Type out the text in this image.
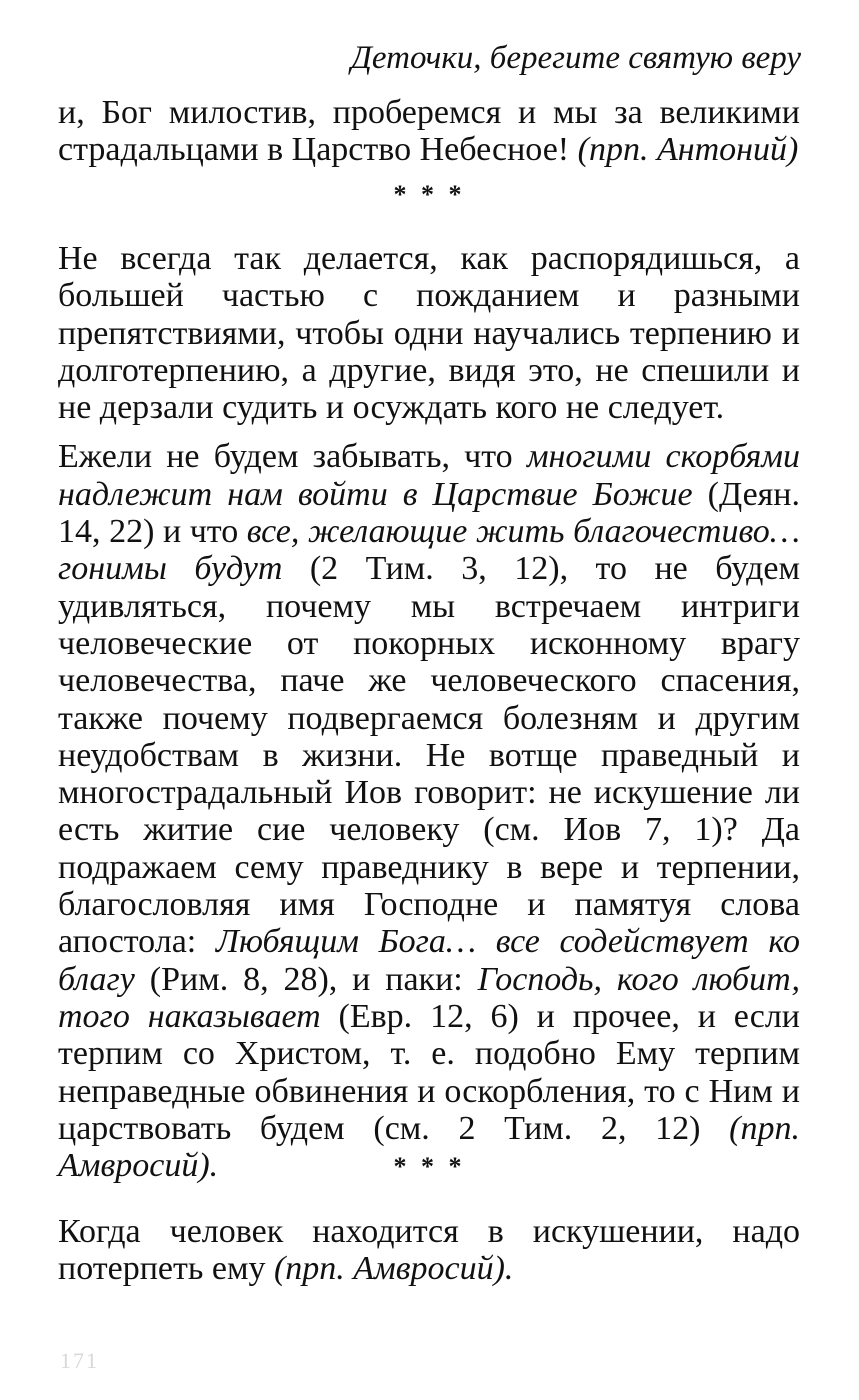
Деточки, берегите святую веру

и, Бог милостив, проберемся и мы за великими страдальцами в Царство Небесное! (прп. Антоний)

* * *

Не всегда так делается, как распорядишься, а большей частью с пожданием и разными препятствиями, чтобы одни научались терпению и долготерпению, а другие, видя это, не спешили и не дерзали судить и осуждать кого не следует.

Ежели не будем забывать, что многими скорбями надлежит нам войти в Царствие Божие (Деян. 14, 22) и что все, желающие жить благочестиво… гонимы будут (2 Тим. 3, 12), то не будем удивляться, почему мы встречаем интриги человеческие от покорных исконному врагу человечества, паче же человеческого спасения, также почему подвергаемся болезням и другим неудобствам в жизни. Не вотще праведный и многострадальный Иов говорит: не искушение ли есть житие сие человеку (см. Иов 7, 1)? Да подражаем сему праведнику в вере и терпении, благословляя имя Господне и памятуя слова апостола: Любящим Бога… все содействует ко благу (Рим. 8, 28), и паки: Господь, кого любит, того наказывает (Евр. 12, 6) и прочее, и если терпим со Христом, т. е. подобно Ему терпим неправедные обвинения и оскорбления, то с Ним и царствовать будем (см. 2 Тим. 2, 12) (прп. Амвросий).	* * *

Когда человек находится в искушении, надо потерпеть ему (прп. Амвросий).

171
